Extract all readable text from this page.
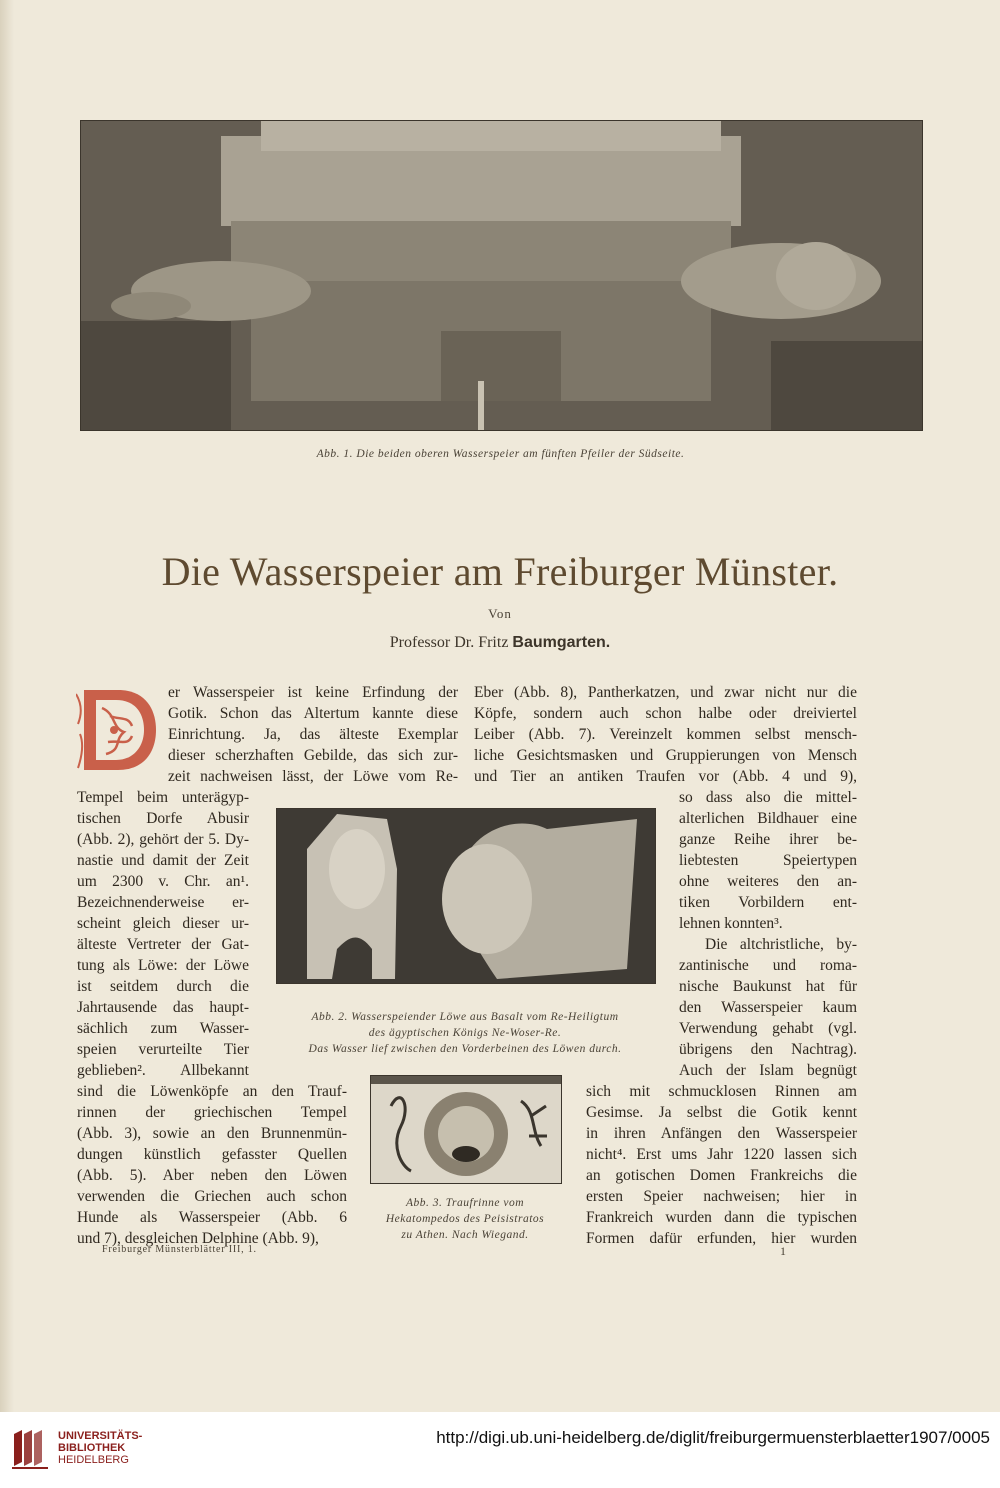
Abb. 1. Die beiden oberen Wasserspeier am fünften Pfeiler der Südseite.
Die Wasserspeier am Freiburger Münster.
Von
Professor Dr. Fritz Baumgarten.
Abb. 2. Wasserspeiender Löwe aus Basalt vom Re-Heiligtum
des ägyptischen Königs Ne-Woser-Re.
Das Wasser lief zwischen den Vorderbeinen des Löwen durch.
Abb. 3. Traufrinne vom
Hekatompedos des Peisistratos
zu Athen. Nach Wiegand.
er Wasserspeier ist keine Erfindung der
Gotik. Schon das Altertum kannte diese
Einrichtung. Ja, das älteste Exemplar
dieser scherzhaften Gebilde, das sich zur-
zeit nachweisen lässt, der Löwe vom Re-
Tempel beim unterägyp-
tischen Dorfe Abusir
(Abb. 2), gehört der 5. Dy-
nastie und damit der Zeit
um 2300 v. Chr. an¹.
Bezeichnenderweise er-
scheint gleich dieser ur-
älteste Vertreter der Gat-
tung als Löwe: der Löwe
ist seitdem durch die
Jahrtausende das haupt-
sächlich zum Wasser-
speien verurteilte Tier
geblieben². Allbekannt
sind die Löwenköpfe an den Trauf-
rinnen der griechischen Tempel
(Abb. 3), sowie an den Brunnenmün-
dungen künstlich gefasster Quellen
(Abb. 5). Aber neben den Löwen
verwenden die Griechen auch schon
Hunde als Wasserspeier (Abb. 6
und 7), desgleichen Delphine (Abb. 9),
Eber (Abb. 8), Pantherkatzen, und zwar nicht nur die
Köpfe, sondern auch schon halbe oder dreiviertel
Leiber (Abb. 7). Vereinzelt kommen selbst mensch-
liche Gesichtsmasken und Gruppierungen von Mensch
und Tier an antiken Traufen vor (Abb. 4 und 9),
so dass also die mittel-
alterlichen Bildhauer eine
ganze Reihe ihrer be-
liebtesten Speiertypen
ohne weiteres den an-
tiken Vorbildern ent-
lehnen konnten³.
Die altchristliche, by-
zantinische und roma-
nische Baukunst hat für
den Wasserspeier kaum
Verwendung gehabt (vgl.
übrigens den Nachtrag).
Auch der Islam begnügt
sich mit schmucklosen Rinnen am
Gesimse. Ja selbst die Gotik kennt
in ihren Anfängen den Wasserspeier
nicht⁴. Erst ums Jahr 1220 lassen sich
an gotischen Domen Frankreichs die
ersten Speier nachweisen; hier in
Frankreich wurden dann die typischen
Formen dafür erfunden, hier wurden
Freiburger Münsterblätter III, 1.	1
UNIVERSITÄTS-
BIBLIOTHEK
HEIDELBERG
http://digi.ub.uni-heidelberg.de/diglit/freiburgermuensterblaetter1907/0005
